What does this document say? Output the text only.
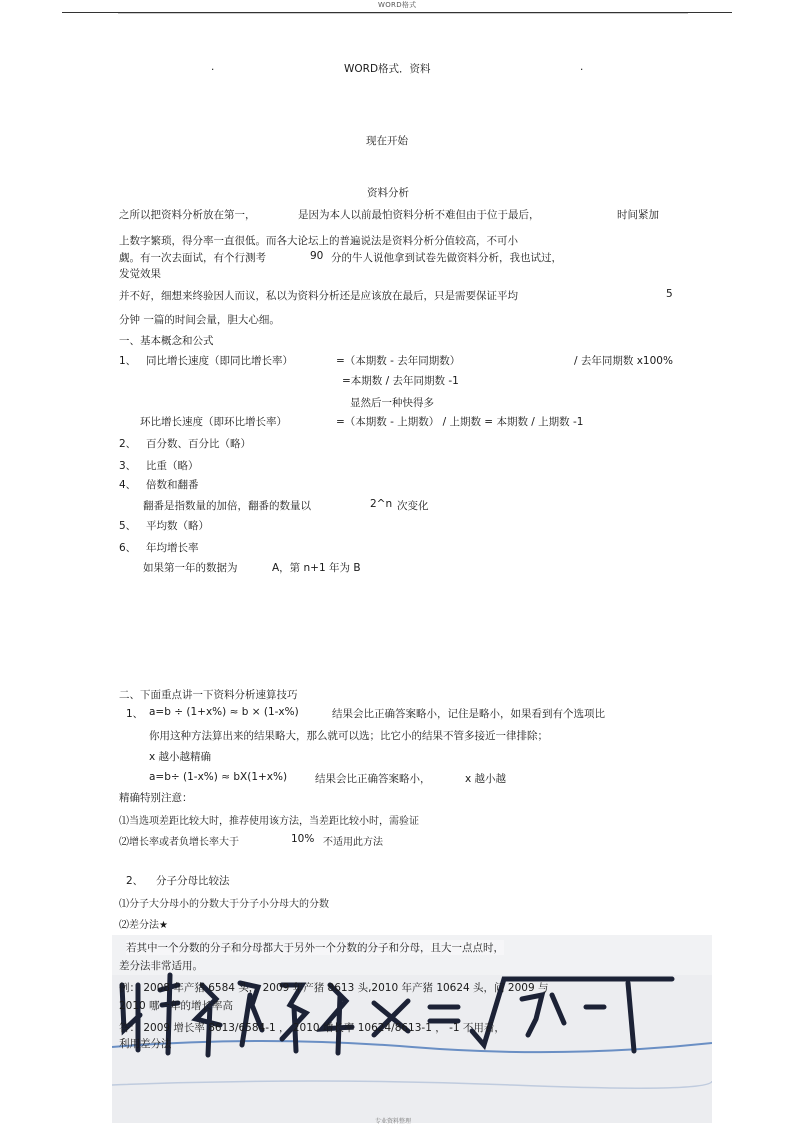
WORD格式
.	WORD格式．资料	.
现在开始
资料分析
之所以把资料分析放在第一，	是因为本人以前最怕资料分析不难但由于位于最后，	时间紧加
上数字繁琐，得分率一直很低。而各大论坛上的普遍说法是资料分析分值较高，不可小
觑。有一次去面试，有个行测考	90 分的牛人说他拿到试卷先做资料分析，我也试过，
发觉效果
并不好，细想来终验因人而议，私以为资料分析还是应该放在最后，只是需要保证平均	5
分钟 一篇的时间会量，胆大心细。
一、基本概念和公式
1、 同比增长速度（即同比增长率）	=（本期数 - 去年同期数）	/ 去年同期数 x100%
=本期数 / 去年同期数 -1
显然后一种快得多
环比增长速度（即环比增长率）	=（本期数 - 上期数） / 上期数 = 本期数 / 上期数 -1
2、 百分数、百分比（略）
3、 比重（略）
4、 倍数和翻番
翻番是指数量的加倍，翻番的数量以	2^n 次变化
5、 平均数（略）
6、 年均增长率
如果第一年的数据为	A，第 n+1 年为 B
二、下面重点讲一下资料分析速算技巧
1、 a=b ÷ (1+x%) ≈ b × (1-x%)	结果会比正确答案略小，记住是略小，如果看到有个选项比
你用这种方法算出来的结果略大，那么就可以选；比它小的结果不管多接近一律排除；
x 越小越精确
a=b÷ (1-x%) ≈ bX(1+x%)	结果会比正确答案略小，	x 越小越
精确特别注意：
⑴当选项差距比较大时，推荐使用该方法，当差距比较小时，需验证
⑵增长率或者负增长率大于	10% 不适用此方法
2、 分子分母比较法
⑴分子大分母小的分数大于分子小分母大的分数
⑵差分法★
若其中一个分数的分子和分母都大于另外一个分数的分子和分母，且大一点点时，
差分法非常适用。
例： 2008 年产猪 6584 头， 2009 年产猪 8613 头,2010 年产猪 10624 头，问 2009 与
2010 哪一年的增长率高
答： 2009 增长率 8613/6584-1 ， 2010 增长率 10624/8613-1 ， -1 不用看，
利用差分法
专业资料整理
